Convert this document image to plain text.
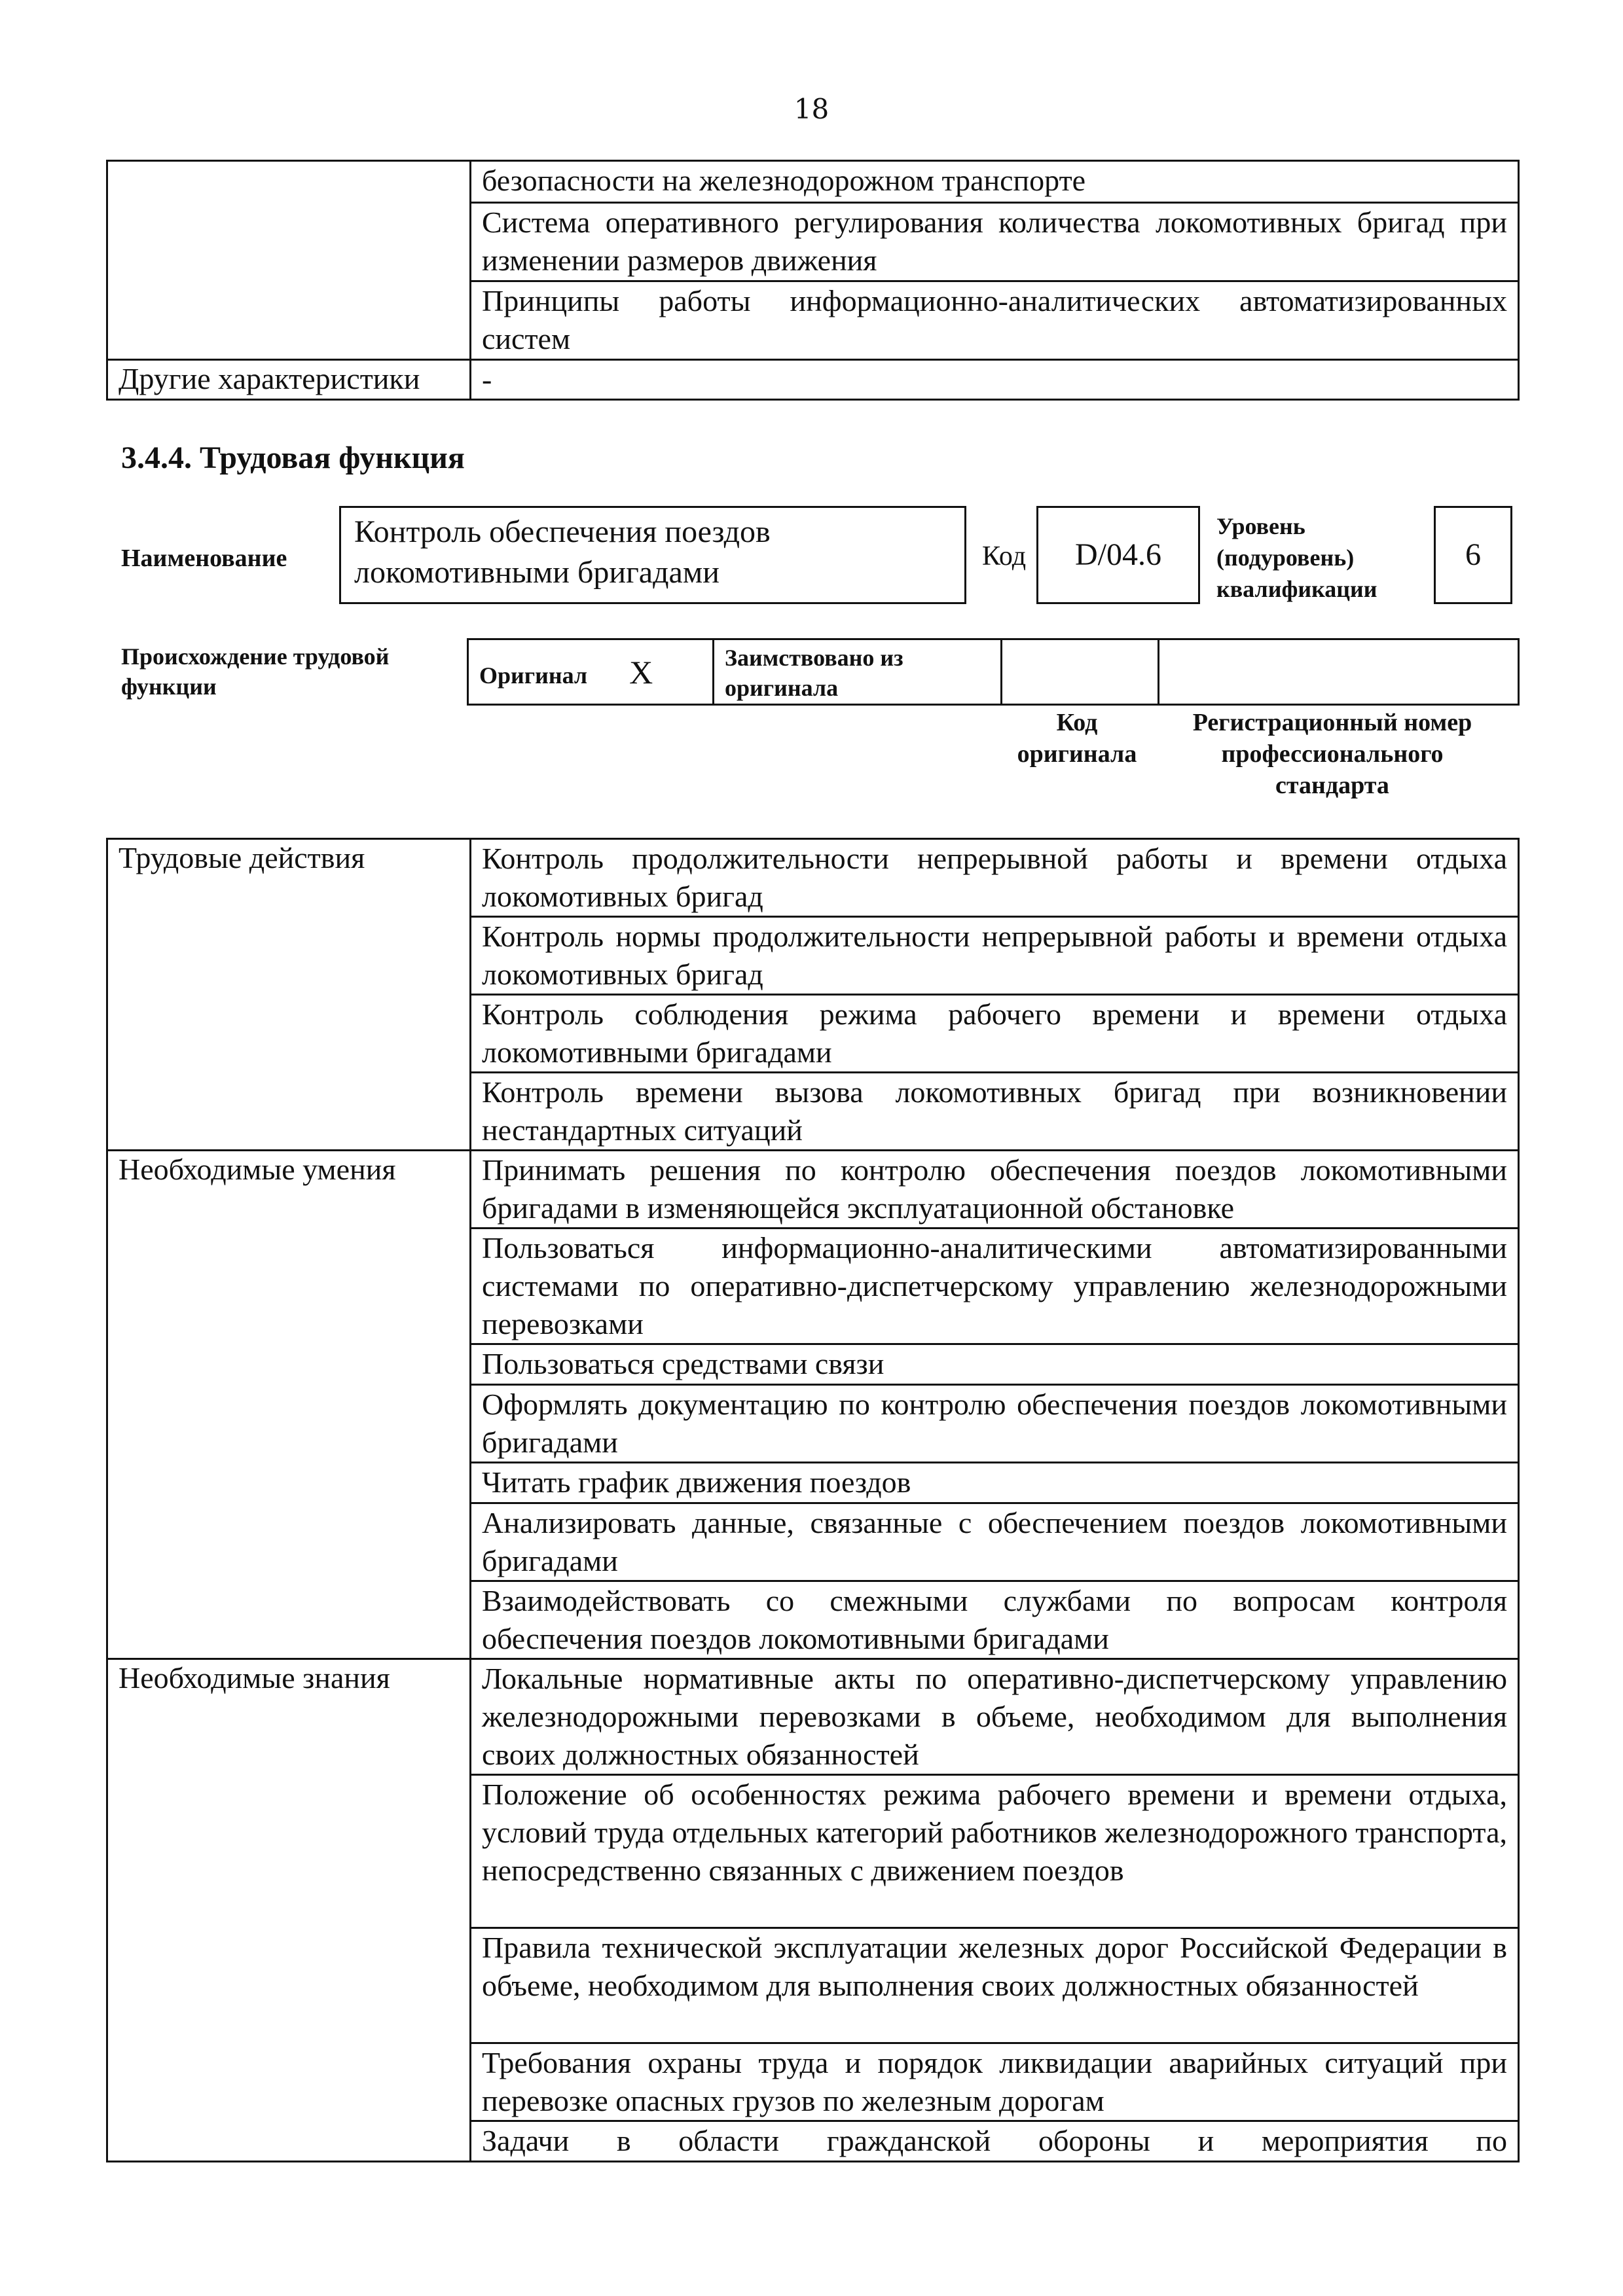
18
	безопасности на железнодорожном транспорте
	Система оперативного регулирования количества локомотивных бригад при изменении размеров движения
	Принципы работы информационно-аналитических автоматизированных систем
Другие характеристики	-
3.4.4. Трудовая функция
Наименование
Контроль обеспечения поездов локомотивными бригадами	Код	D/04.6
Уровень (подуровень) квалификации
6
Происхождение трудовой функции	Оригинал X	Заимствовано из оригинала

Код оригинала
Регистрационный номер профессионального стандарта
Трудовые действия	Контроль продолжительности непрерывной работы и времени отдыха локомотивных бригад
	Контроль нормы продолжительности непрерывной работы и времени отдыха локомотивных бригад
	Контроль соблюдения режима рабочего времени и времени отдыха локомотивными бригадами
	Контроль времени вызова локомотивных бригад при возникновении нестандартных ситуаций
Необходимые умения	Принимать решения по контролю обеспечения поездов локомотивными бригадами в изменяющейся эксплуатационной обстановке
	Пользоваться информационно-аналитическими автоматизированными системами по оперативно-диспетчерскому управлению железнодорожными перевозками
	Пользоваться средствами связи
	Оформлять документацию по контролю обеспечения поездов локомотивными бригадами
	Читать график движения поездов
	Анализировать данные, связанные с обеспечением поездов локомотивными бригадами
	Взаимодействовать со смежными службами по вопросам контроля обеспечения поездов локомотивными бригадами
Необходимые знания	Локальные нормативные акты по оперативно-диспетчерскому управлению железнодорожными перевозками в объеме, необходимом для выполнения своих должностных обязанностей
	Положение об особенностях режима рабочего времени и времени отдыха, условий труда отдельных категорий работников железнодорожного транспорта, непосредственно связанных с движением поездов
	Правила технической эксплуатации железных дорог Российской Федерации в объеме, необходимом для выполнения своих должностных обязанностей
	Требования охраны труда и порядок ликвидации аварийных ситуаций при перевозке опасных грузов по железным дорогам
	Задачи в области гражданской обороны и мероприятия по
